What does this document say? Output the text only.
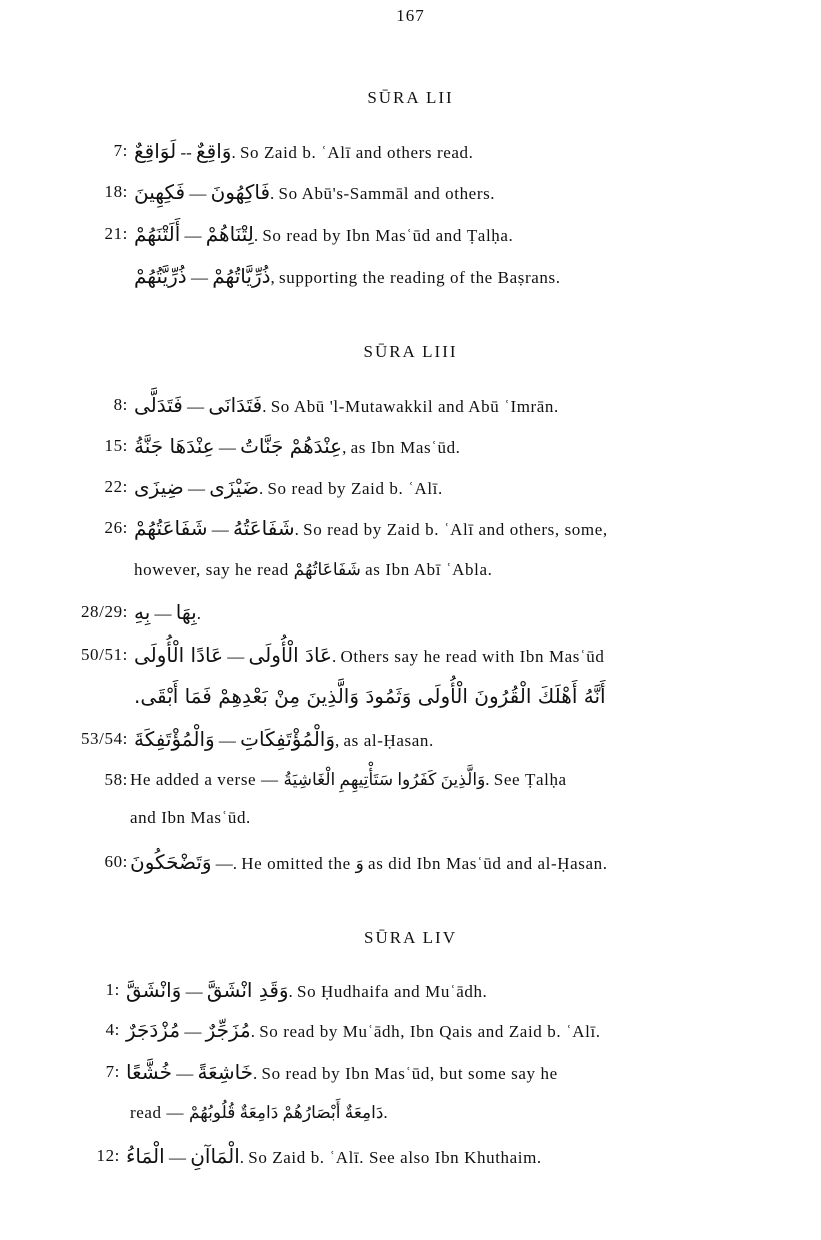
167
SŪRA LII
7: لَوَاقِعٌ -- وَاقِعٌ. So Zaid b. ʿAlī and others read.
18: فَكِهِينَ — فَاكِهُونَ. So Abū's-Sammāl and others.
21: أَلَتْنَهُمْ — لِتْنَاهُمْ. So read by Ibn Masʿūd and Ṭalḥa.
ذُرِّيَّتُهُمْ — ذُرِّيَّاتُهُمْ, supporting the reading of the Baṣrans.
SŪRA LIII
8: فَتَدَلَّى — فَتَدَانَى. So Abū 'l-Mutawakkil and Abū ʿImrān.
15: عِنْدَهَا جَنَّةُ — عِنْدَهُمْ جَنَّاتُ, as Ibn Masʿūd.
22: ضِيزَى — ضَيْزَى. So read by Zaid b. ʿAlī.
26: شَفَاعَتُهُمْ — شَفَاعَتُهُ. So read by Zaid b. ʿAlī and others, some,
however, say he read شَفَاعَاتُهُمْ as Ibn Abī ʿAbla.
28/29: بِهِ — بِهَا.
50/51: عَادًا الْأُولَى — عَادَ الْأُولَى. Others say he read with Ibn Masʿūd
أَنَّهُ أَهْلَكَ الْقُرُونَ الْأُولَى وَثَمُودَ وَالَّذِينَ مِنْ بَعْدِهِمْ فَمَا أَبْقَى.
53/54: وَالْمُؤْتَفِكَةَ — وَالْمُؤْتَفِكَاتِ, as al-Ḥasan.
58: He added a verse — وَالَّذِينَ كَفَرُوا سَتَأْتِيهِمِ الْغَاشِيَةُ. See Ṭalḥa
and Ibn Masʿūd.
60: وَتَضْحَكُونَ —. He omitted the وَ as did Ibn Masʿūd and al-Ḥasan.
SŪRA LIV
1: وَانْشَقَّ — وَقَدِ انْشَقَّ. So Ḥudhaifa and Muʿādh.
4: مُزْدَجَرٌ — مُزَجِّرٌ. So read by Muʿādh, Ibn Qais and Zaid b. ʿAlī.
7: خُشَّعًا — خَاشِعَةً. So read by Ibn Masʿūd, but some say he
read — دَامِعَةٌ أَبْصَارُهُمْ دَامِعَةٌ قُلُوبُهُمْ.
12: الْمَاءُ — الْمَاآنِ. So Zaid b. ʿAlī. See also Ibn Khuthaim.
